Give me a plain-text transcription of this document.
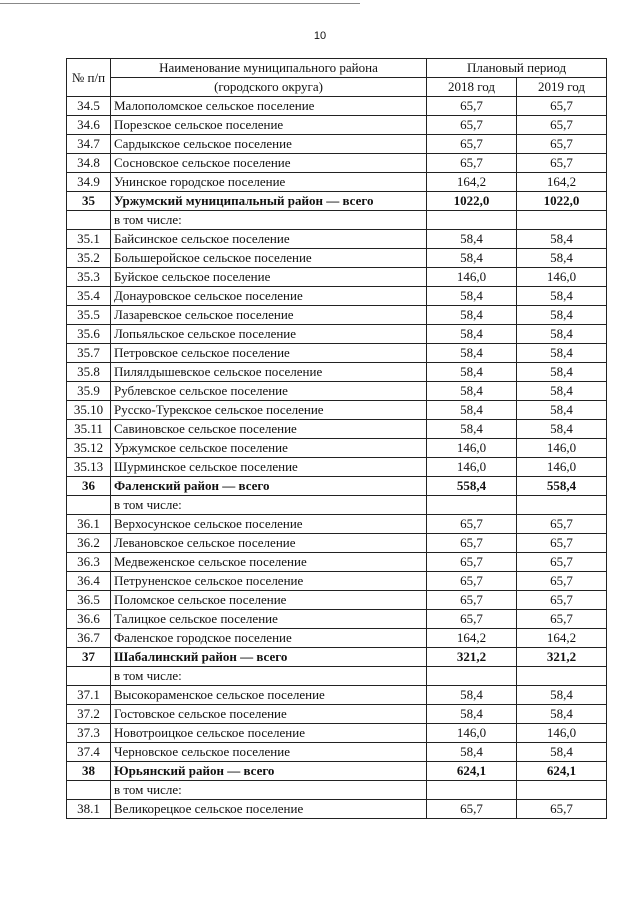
10
№ п/п	Наименование муниципального района	Плановый период	
	(городского округа)	2018 год	2019 год
34.5	Малополомское сельское поселение	65,7	65,7
34.6	Порезское сельское поселение	65,7	65,7
34.7	Сардыкское сельское поселение	65,7	65,7
34.8	Сосновское сельское поселение	65,7	65,7
34.9	Унинское городское поселение	164,2	164,2
35	Уржумский муниципальный район — всего	1022,0	1022,0
	в том числе:		
35.1	Байсинское сельское поселение	58,4	58,4
35.2	Большеройское сельское поселение	58,4	58,4
35.3	Буйское сельское поселение	146,0	146,0
35.4	Донауровское сельское поселение	58,4	58,4
35.5	Лазаревское сельское поселение	58,4	58,4
35.6	Лопьяльское сельское поселение	58,4	58,4
35.7	Петровское сельское поселение	58,4	58,4
35.8	Пилялдышевское сельское поселение	58,4	58,4
35.9	Рублевское сельское поселение	58,4	58,4
35.10	Русско-Турекское сельское поселение	58,4	58,4
35.11	Савиновское сельское поселение	58,4	58,4
35.12	Уржумское сельское поселение	146,0	146,0
35.13	Шурминское сельское поселение	146,0	146,0
36	Фаленский район — всего	558,4	558,4
	в том числе:		
36.1	Верхосунское сельское поселение	65,7	65,7
36.2	Левановское сельское поселение	65,7	65,7
36.3	Медвеженское сельское поселение	65,7	65,7
36.4	Петруненское сельское поселение	65,7	65,7
36.5	Поломское сельское поселение	65,7	65,7
36.6	Талицкое сельское поселение	65,7	65,7
36.7	Фаленское городское поселение	164,2	164,2
37	Шабалинский район — всего	321,2	321,2
	в том числе:		
37.1	Высокораменское сельское поселение	58,4	58,4
37.2	Гостовское сельское поселение	58,4	58,4
37.3	Новотроицкое сельское поселение	146,0	146,0
37.4	Черновское сельское поселение	58,4	58,4
38	Юрьянский район — всего	624,1	624,1
	в том числе:		
38.1	Великорецкое сельское поселение	65,7	65,7
